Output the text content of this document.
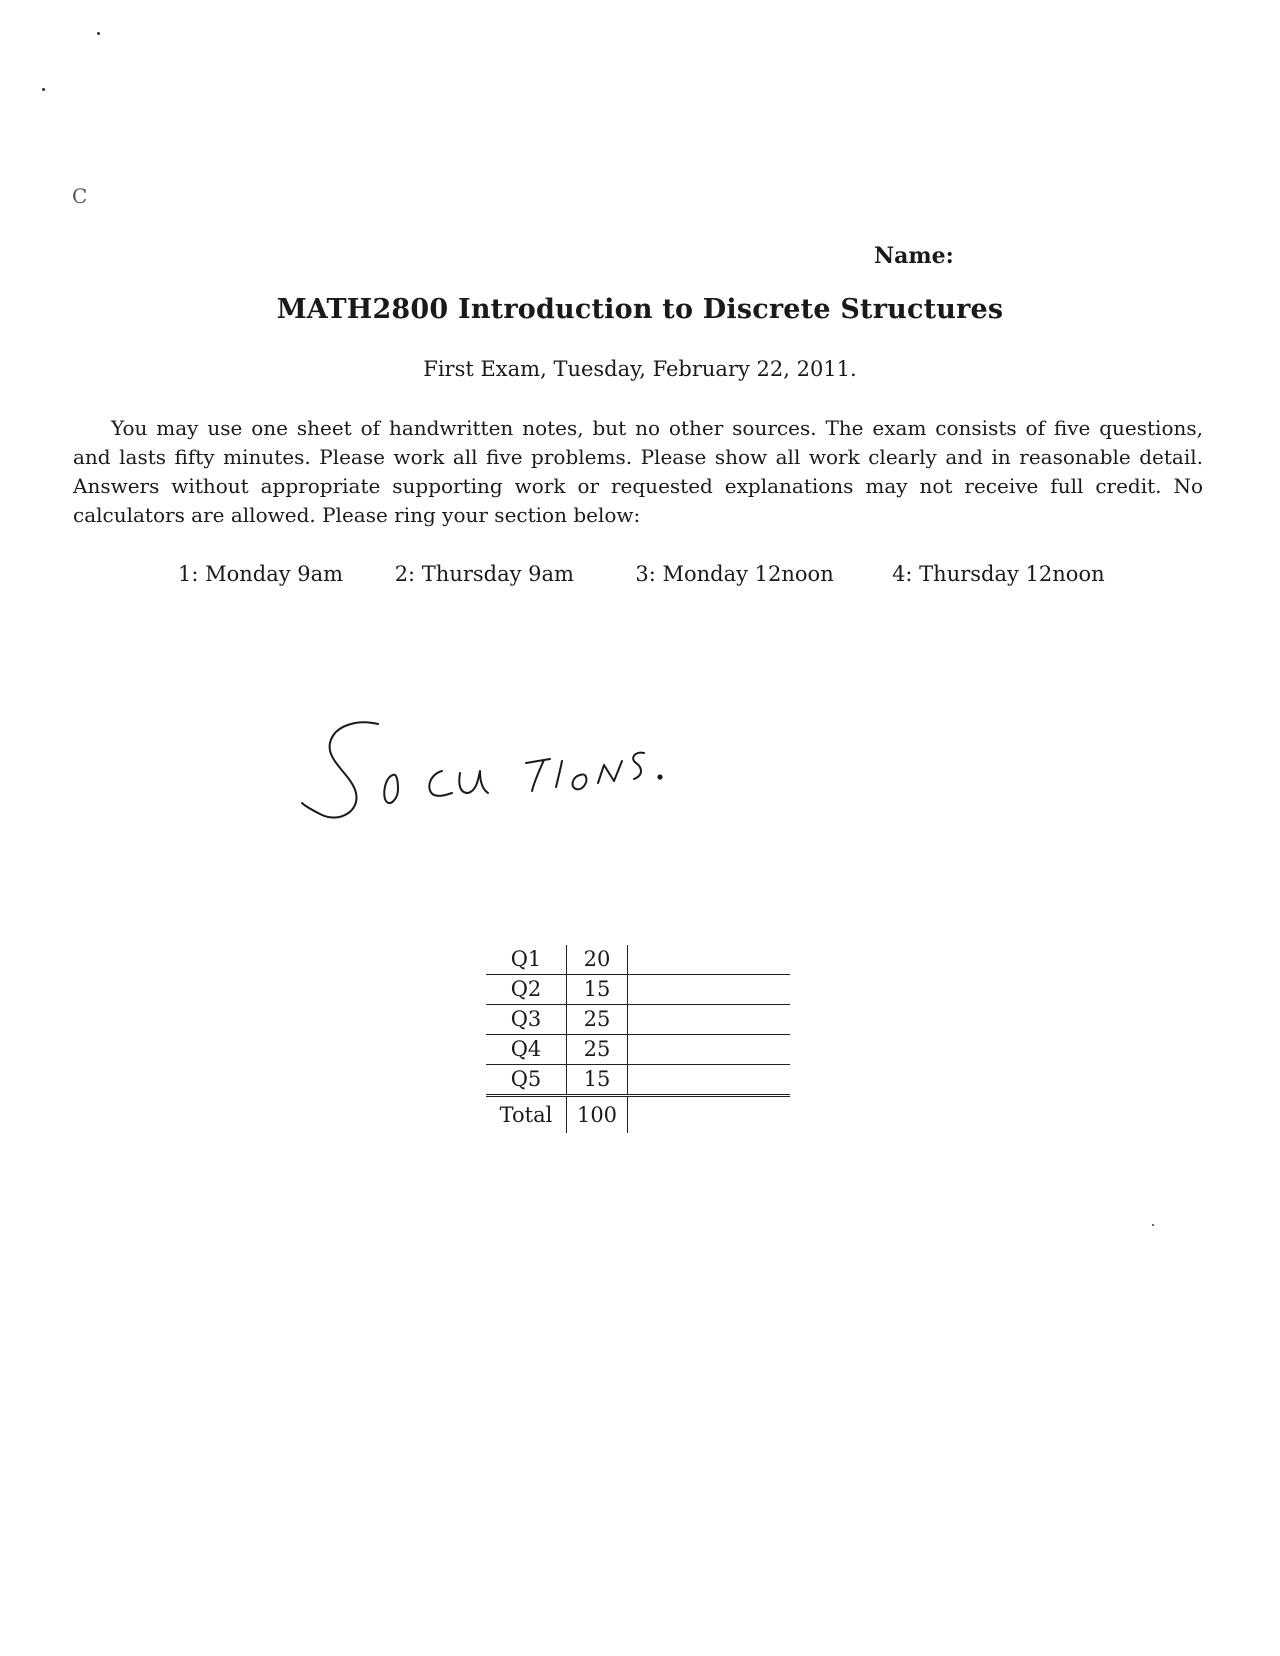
C
Name:
MATH2800 Introduction to Discrete Structures
First Exam, Tuesday, February 22, 2011.

You may use one sheet of handwritten notes, but no other sources. The exam consists of five questions, and lasts fifty minutes. Please work all five problems. Please show all work clearly and in reasonable detail. Answers without appropriate supporting work or requested explanations may not receive full credit. No calculators are allowed. Please ring your section below:

1: Monday 9am 2: Thursday 9am	3: Monday 12noon	4: Thursday 12noon
Q1	20	
Q2	15	
Q3	25	
Q4	25	
Q5	15	
Total	100	
